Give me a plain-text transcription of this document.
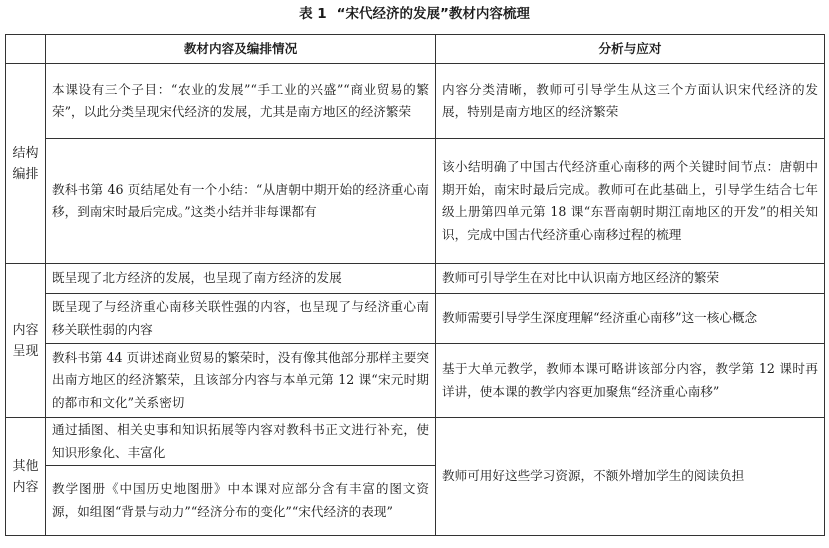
表 1 “宋代经济的发展”教材内容梳理
	教材内容及编排情况	分析与应对
结构编排	本课设有三个子目：“农业的发展”“手工业的兴盛”“商业贸易的繁荣”，以此分类呈现宋代经济的发展，尤其是南方地区的经济繁荣	内容分类清晰，教师可引导学生从这三个方面认识宋代经济的发展，特别是南方地区的经济繁荣
	教科书第 46 页结尾处有一个小结：“从唐朝中期开始的经济重心南移，到南宋时最后完成。”这类小结并非每课都有	该小结明确了中国古代经济重心南移的两个关键时间节点：唐朝中期开始，南宋时最后完成。教师可在此基础上，引导学生结合七年级上册第四单元第 18 课“东晋南朝时期江南地区的开发”的相关知识，完成中国古代经济重心南移过程的梳理
内容呈现	既呈现了北方经济的发展，也呈现了南方经济的发展	教师可引导学生在对比中认识南方地区经济的繁荣
	既呈现了与经济重心南移关联性强的内容，也呈现了与经济重心南移关联性弱的内容	教师需要引导学生深度理解“经济重心南移”这一核心概念
	教科书第 44 页讲述商业贸易的繁荣时，没有像其他部分那样主要突出南方地区的经济繁荣，且该部分内容与本单元第 12 课“宋元时期的都市和文化”关系密切	基于大单元教学，教师本课可略讲该部分内容，教学第 12 课时再详讲，使本课的教学内容更加聚焦“经济重心南移”
其他内容	通过插图、相关史事和知识拓展等内容对教科书正文进行补充，使知识形象化、丰富化	教师可用好这些学习资源，不额外增加学生的阅读负担
	教学图册《中国历史地图册》中本课对应部分含有丰富的图文资源，如组图“背景与动力”“经济分布的变化”“宋代经济的表现”	
